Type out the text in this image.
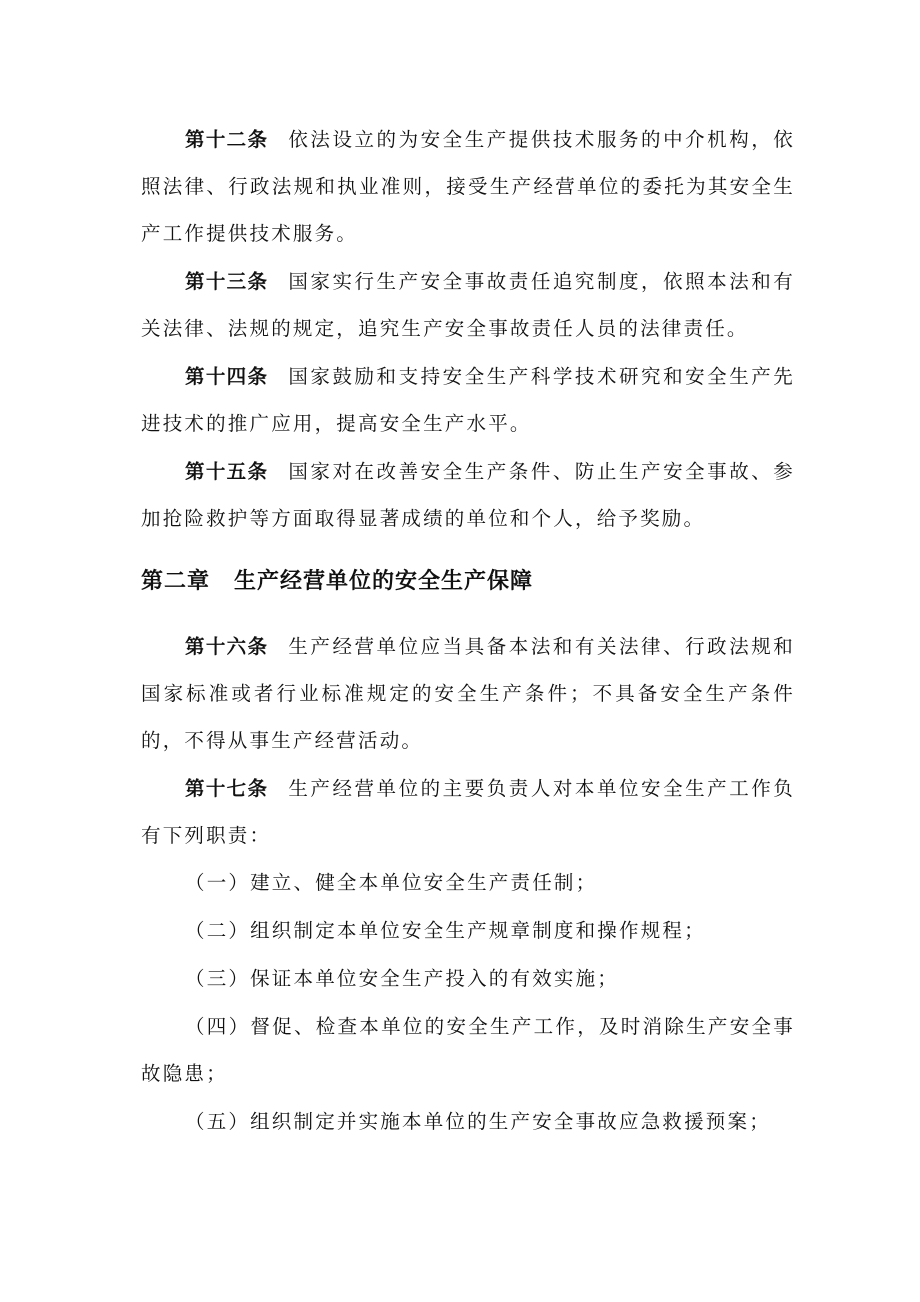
第十二条 依法设立的为安全生产提供技术服务的中介机构，依照法律、行政法规和执业准则，接受生产经营单位的委托为其安全生产工作提供技术服务。

第十三条 国家实行生产安全事故责任追究制度，依照本法和有关法律、法规的规定，追究生产安全事故责任人员的法律责任。

第十四条 国家鼓励和支持安全生产科学技术研究和安全生产先进技术的推广应用，提高安全生产水平。

第十五条 国家对在改善安全生产条件、防止生产安全事故、参加抢险救护等方面取得显著成绩的单位和个人，给予奖励。

第二章 生产经营单位的安全生产保障

第十六条 生产经营单位应当具备本法和有关法律、行政法规和国家标准或者行业标准规定的安全生产条件；不具备安全生产条件的，不得从事生产经营活动。

第十七条 生产经营单位的主要负责人对本单位安全生产工作负有下列职责：

（一）建立、健全本单位安全生产责任制；

（二）组织制定本单位安全生产规章制度和操作规程；

（三）保证本单位安全生产投入的有效实施；

（四）督促、检查本单位的安全生产工作，及时消除生产安全事故隐患；

（五）组织制定并实施本单位的生产安全事故应急救援预案；
